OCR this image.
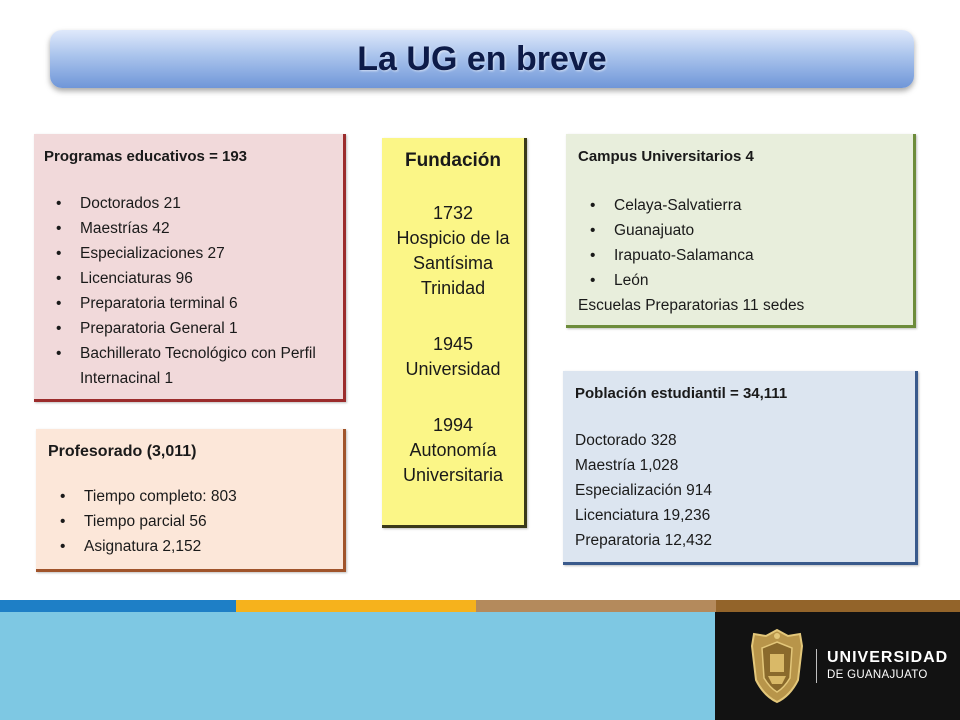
La UG en breve
Programas educativos = 193
• Doctorados 21
• Maestrías 42
• Especializaciones 27
• Licenciaturas 96
• Preparatoria terminal 6
• Preparatoria General 1
• Bachillerato Tecnológico con Perfil Internacinal 1
Profesorado (3,011)
• Tiempo completo: 803
• Tiempo parcial 56
• Asignatura 2,152
Fundación
1732
Hospicio de la Santísima Trinidad
1945
Universidad
1994
Autonomía Universitaria
Campus Universitarios 4
• Celaya-Salvatierra
• Guanajuato
• Irapuato-Salamanca
• León
Escuelas Preparatorias 11 sedes
Población estudiantil = 34,111
Doctorado 328
Maestría 1,028
Especialización 914
Licenciatura 19,236
Preparatoria 12,432
UNIVERSIDAD
DE GUANAJUATO
